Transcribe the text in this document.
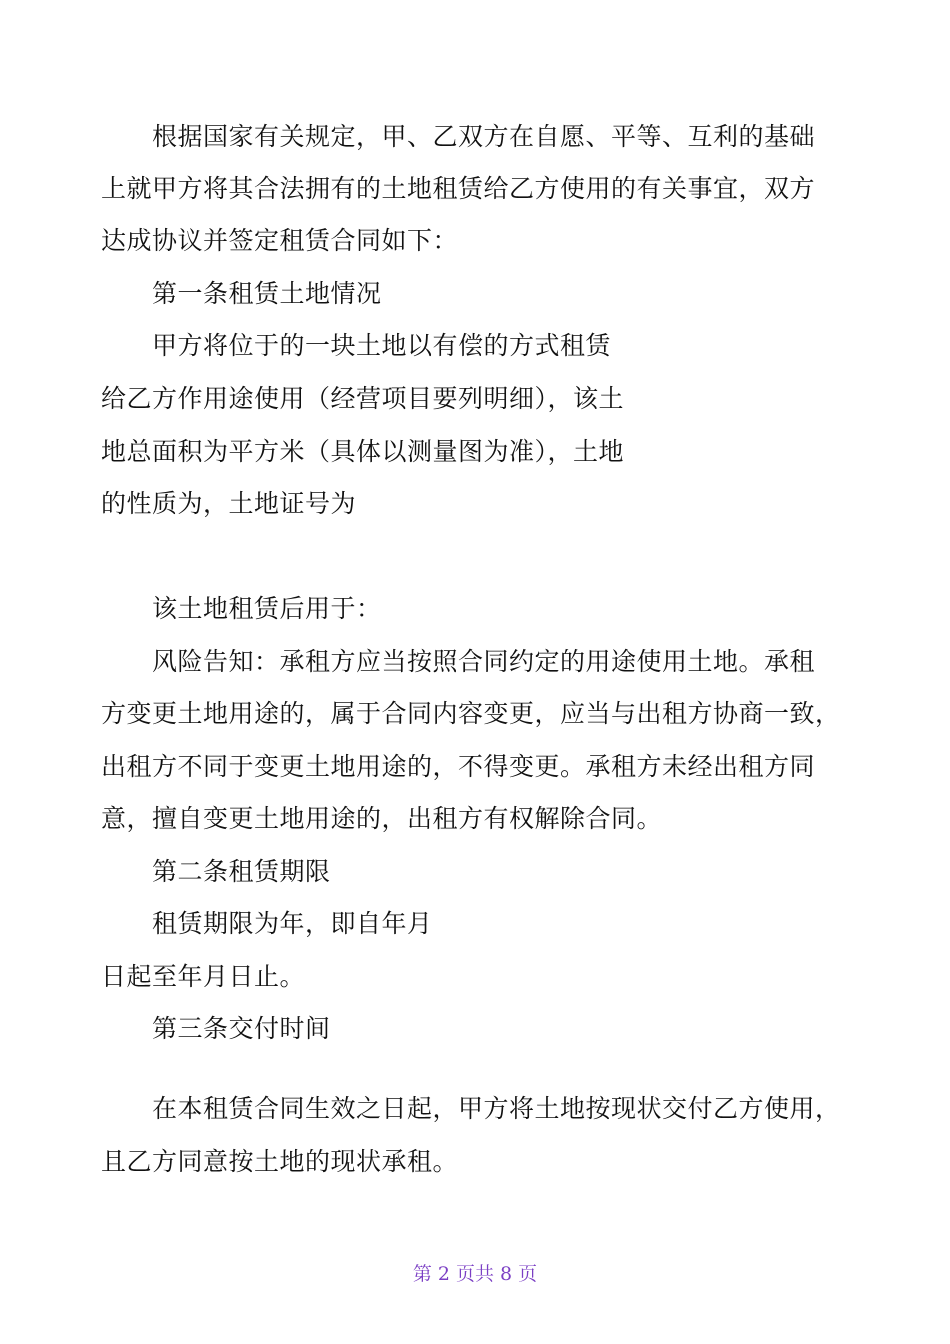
根据国家有关规定，甲、乙双方在自愿、平等、互利的基础
上就甲方将其合法拥有的土地租赁给乙方使用的有关事宜，双方
达成协议并签定租赁合同如下：
第一条租赁土地情况
甲方将位于的一块土地以有偿的方式租赁
给乙方作用途使用（经营项目要列明细），该土
地总面积为平方米（具体以测量图为准），土地
的性质为，土地证号为
该土地租赁后用于：
风险告知：承租方应当按照合同约定的用途使用土地。承租
方变更土地用途的，属于合同内容变更，应当与出租方协商一致，
出租方不同于变更土地用途的，不得变更。承租方未经出租方同
意，擅自变更土地用途的，出租方有权解除合同。
第二条租赁期限
租赁期限为年，即自年月
日起至年月日止。
第三条交付时间
在本租赁合同生效之日起，甲方将土地按现状交付乙方使用，
且乙方同意按土地的现状承租。
第 2 页共 8 页
